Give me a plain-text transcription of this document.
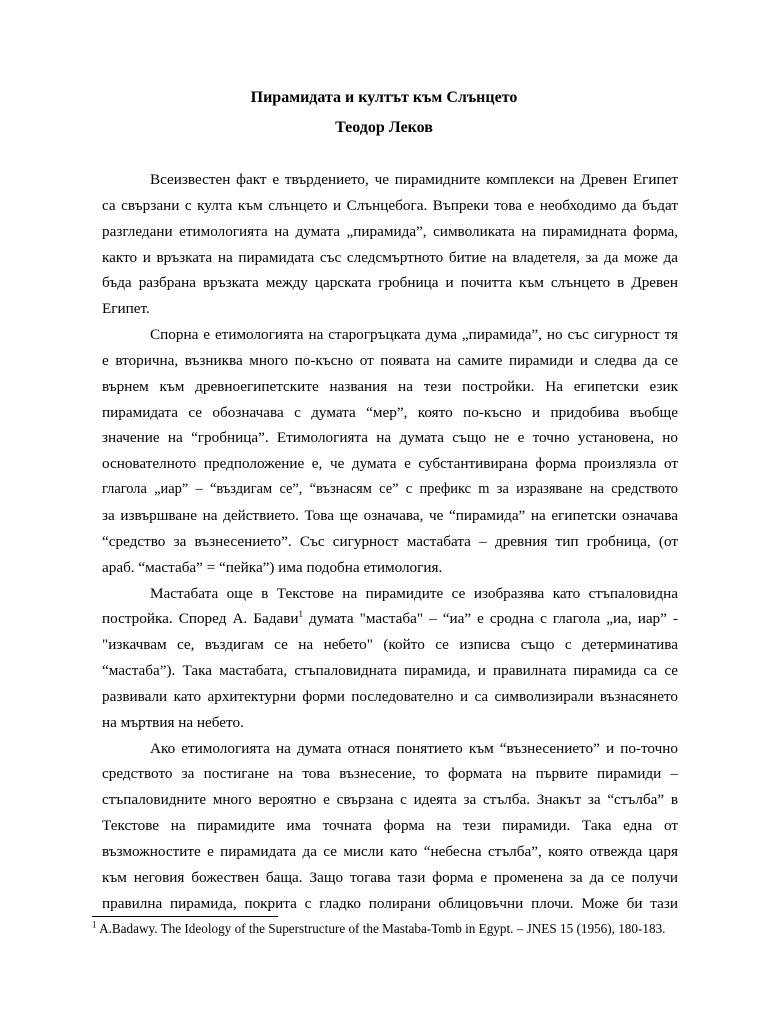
Пирамидата и култът към Слънцето
Теодор Леков
Всеизвестен факт е твърдението, че пирамидните комплекси на Древен Египет
са свързани с култа към слънцето и Слънцебога. Въпреки това е необходимо да бъдат
разгледани етимологията на думата „пирамида”, символиката на пирамидната форма,
както и връзката на пирамидата със следсмъртното битие на владетеля, за да може да
бъда разбрана връзката между царската гробница и почитта към слънцето в Древен
Египет.
Спорна е етимологията на старогръцката дума „пирамида”, но със сигурност тя
е вторична, възниква много по-късно от появата на самите пирамиди и следва да се
върнем към древноегипетските названия на тези постройки. На египетски език
пирамидата се обозначава с думата “мер”, която по-късно и придобива въобще
значение на “гробница”. Етимологията на думата също не е точно установена, но
основателното предположение е, че думата е субстантивирана форма произлязла от
глагола „иар” – “въздигам се”, “възнасям се” с префикс m за изразяване на средството
за извършване на действието. Това ще означава, че “пирамида” на египетски означава
“средство за възнесението”. Със сигурност мастабата – древния тип гробница, (от
араб. “мастаба” = “пейка”) има подобна етимология.
Мастабата още в Текстове на пирамидите се изобразява като стъпаловидна
постройка. Според А. Бадави$^1$ думата "мастаба" – “иа” е сродна с глагола „иа, иар” -
"изкачвам се, въздигам се на небето" (който се изписва също с детерминатива
“мастаба”). Така мастабата, стъпаловидната пирамида, и правилната пирамида са се
развивали като архитектурни форми последователно и са символизирали възнасянето
на мъртвия на небето.
Ако етимологията на думата отнася понятието към “възнесението” и по-точно
средството за постигане на това възнесение, то формата на първите пирамиди –
стъпаловидните много вероятно е свързана с идеята за стълба. Знакът за “стълба” в
Текстове на пирамидите има точната форма на тези пирамиди. Така една от
възможностите е пирамидата да се мисли като “небесна стълба”, която отвежда царя
към неговия божествен баща. Защо тогава тази форма е променена за да се получи
правилна пирамида, покрита с гладко полирани облицовъчни плочи. Може би тази
$^1$ A.Badawy. The Ideology of the Superstructure of the Mastaba-Tomb in Egypt. – JNES 15 (1956), 180-183.
